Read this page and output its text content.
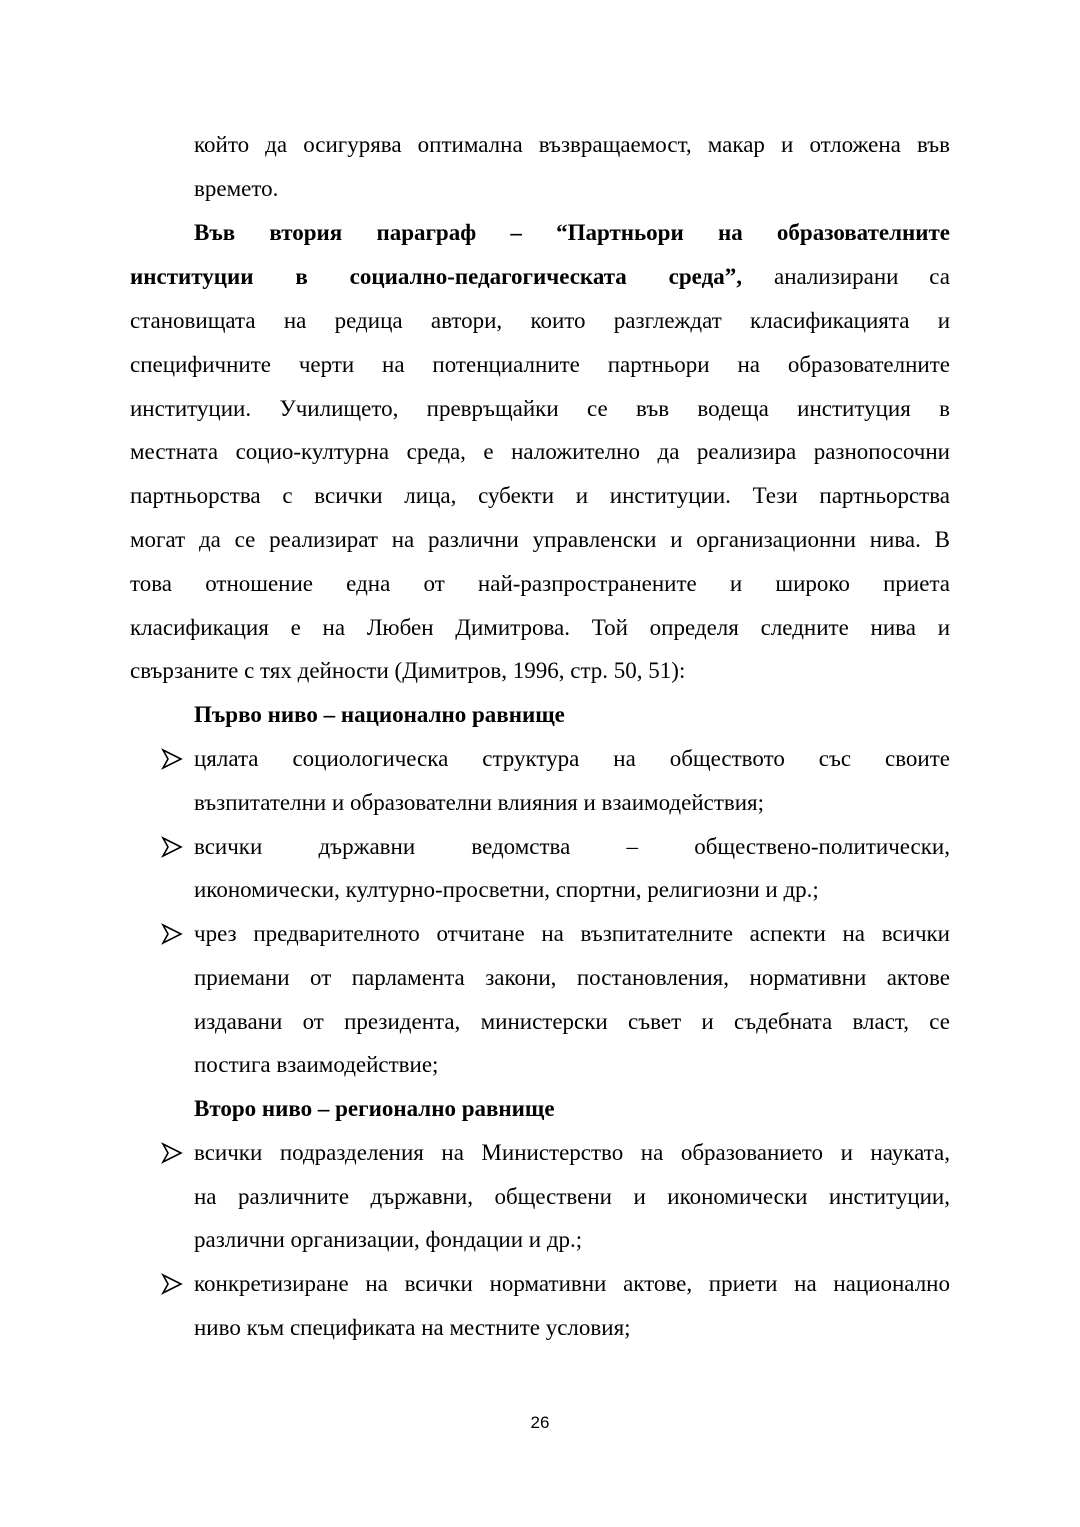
който да осигурява оптимална възвращаемост, макар и отложена във
времето.
Във втория параграф – “Партньори на образователните
институции в социално-педагогическата среда”, анализирани са
становищата на редица автори, които разглеждат класификацията и
специфичните черти на потенциалните партньори на образователните
институции. Училището, превръщайки се във водеща институция в
местната социо-културна среда, е наложително да реализира разнопосочни
партньорства с всички лица, субекти и институции. Тези партньорства
могат да се реализират на различни управленски и организационни нива. В
това отношение една от най-разпространените и широко приета
класификация е на Любен Димитрова. Той определя следните нива и
свързаните с тях дейности (Димитров, 1996, стр. 50, 51):
Първо ниво – национално равнище
цялата социологическа структура на обществото със своите
възпитателни и образователни влияния и взаимодействия;
всички държавни ведомства – обществено-политически,
икономически, културно-просветни, спортни, религиозни и др.;
чрез предварителното отчитане на възпитателните аспекти на всички
приемани от парламента закони, постановления, нормативни актове
издавани от президента, министерски съвет и съдебната власт, се
постига взаимодействие;
Второ ниво – регионално равнище
всички подразделения на Министерство на образованието и науката,
на различните държавни, обществени и икономически институции,
различни организации, фондации и др.;
конкретизиране на всички нормативни актове, приети на национално
ниво към спецификата на местните условия;
26
